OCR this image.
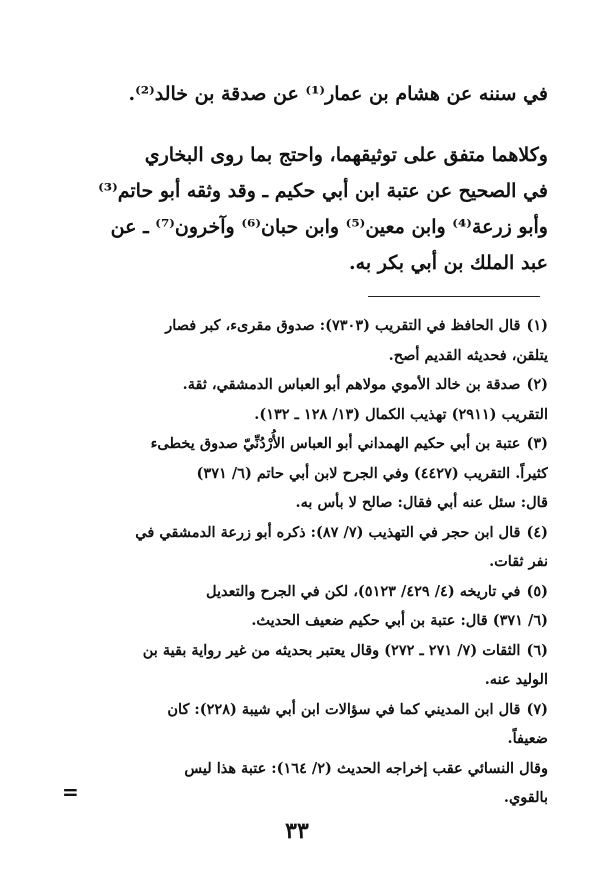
في سننه عن هشام بن عمار⁽¹⁾ عن صدقة بن خالد⁽²⁾.
وكلاهما متفق على توثيقهما، واحتج بما روى البخاري
في الصحيح عن عتبة ابن أبي حكيم ـ وقد وثقه أبو حاتم⁽³⁾
وأبو زرعة⁽⁴⁾ وابن معين⁽⁵⁾ وابن حبان⁽⁶⁾ وآخرون⁽⁷⁾ ـ عن
عبد الملك بن أبي بكر به.
(١)قال الحافظ في التقريب (٧٣٠٣): صدوق مقرىء، كبر فصار
يتلقن، فحديثه القديم أصح.
(٢)صدقة بن خالد الأموي مولاهم أبو العباس الدمشقي، ثقة.
التقريب (٢٩١١) تهذيب الكمال (١٣/ ١٢٨ ـ ١٣٢).
(٣)عتبة بن أبي حكيم الهمداني أبو العباس الأُرْدُنِّيّ صدوق يخطىء
كثيراً. التقريب (٤٤٢٧) وفي الجرح لابن أبي حاتم (٦/ ٣٧١)
قال: سئل عنه أبي فقال: صالح لا بأس به.
(٤)قال ابن حجر في التهذيب (٧/ ٨٧): ذكره أبو زرعة الدمشقي في
نفر ثقات.
(٥)في تاريخه (٤/ ٤٢٩/ ٥١٢٣)، لكن في الجرح والتعديل
(٦/ ٣٧١) قال: عتبة بن أبي حكيم ضعيف الحديث.
(٦)الثقات (٧/ ٢٧١ ـ ٢٧٢) وقال يعتبر بحديثه من غير رواية بقية بن
الوليد عنه.
(٧)قال ابن المديني كما في سؤالات ابن أبي شيبة (٢٢٨): كان
ضعيفاً.
وقال النسائي عقب إخراجه الحديث (٢/ ١٦٤): عتبة هذا ليس
بالقوي.
=
٣٣
